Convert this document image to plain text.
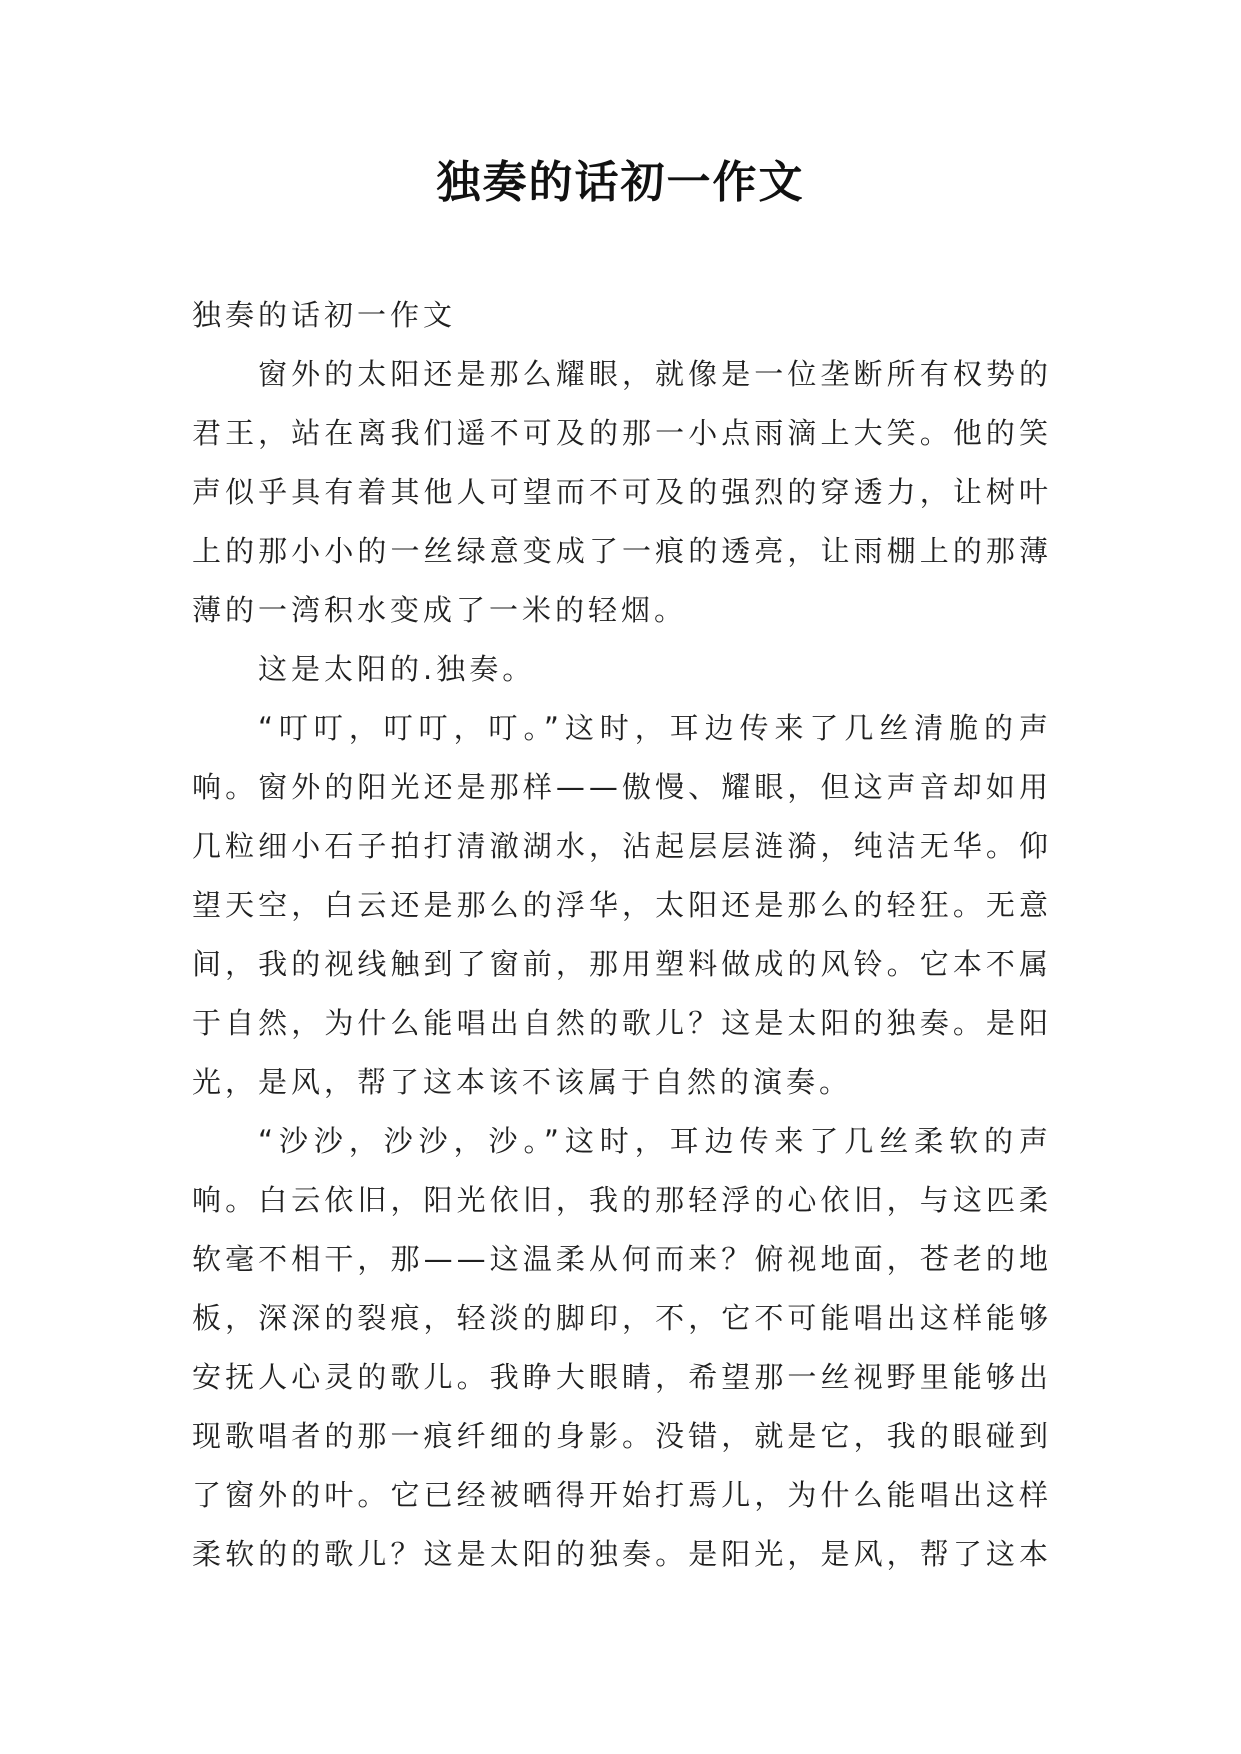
独奏的话初一作文
独奏的话初一作文
窗外的太阳还是那么耀眼，就像是一位垄断所有权势的
君王，站在离我们遥不可及的那一小点雨滴上大笑。他的笑
声似乎具有着其他人可望而不可及的强烈的穿透力，让树叶
上的那小小的一丝绿意变成了一痕的透亮，让雨棚上的那薄
薄的一湾积水变成了一米的轻烟。
这是太阳的.独奏。
“叮叮，叮叮，叮。”这时，耳边传来了几丝清脆的声
响。窗外的阳光还是那样——傲慢、耀眼，但这声音却如用
几粒细小石子拍打清澈湖水，沾起层层涟漪，纯洁无华。仰
望天空，白云还是那么的浮华，太阳还是那么的轻狂。无意
间，我的视线触到了窗前，那用塑料做成的风铃。它本不属
于自然，为什么能唱出自然的歌儿？这是太阳的独奏。是阳
光，是风，帮了这本该不该属于自然的演奏。
“沙沙，沙沙，沙。”这时，耳边传来了几丝柔软的声
响。白云依旧，阳光依旧，我的那轻浮的心依旧，与这匹柔
软毫不相干，那——这温柔从何而来？俯视地面，苍老的地
板，深深的裂痕，轻淡的脚印，不，它不可能唱出这样能够
安抚人心灵的歌儿。我睁大眼睛，希望那一丝视野里能够出
现歌唱者的那一痕纤细的身影。没错，就是它，我的眼碰到
了窗外的叶。它已经被晒得开始打焉儿，为什么能唱出这样
柔软的的歌儿？这是太阳的独奏。是阳光，是风，帮了这本
